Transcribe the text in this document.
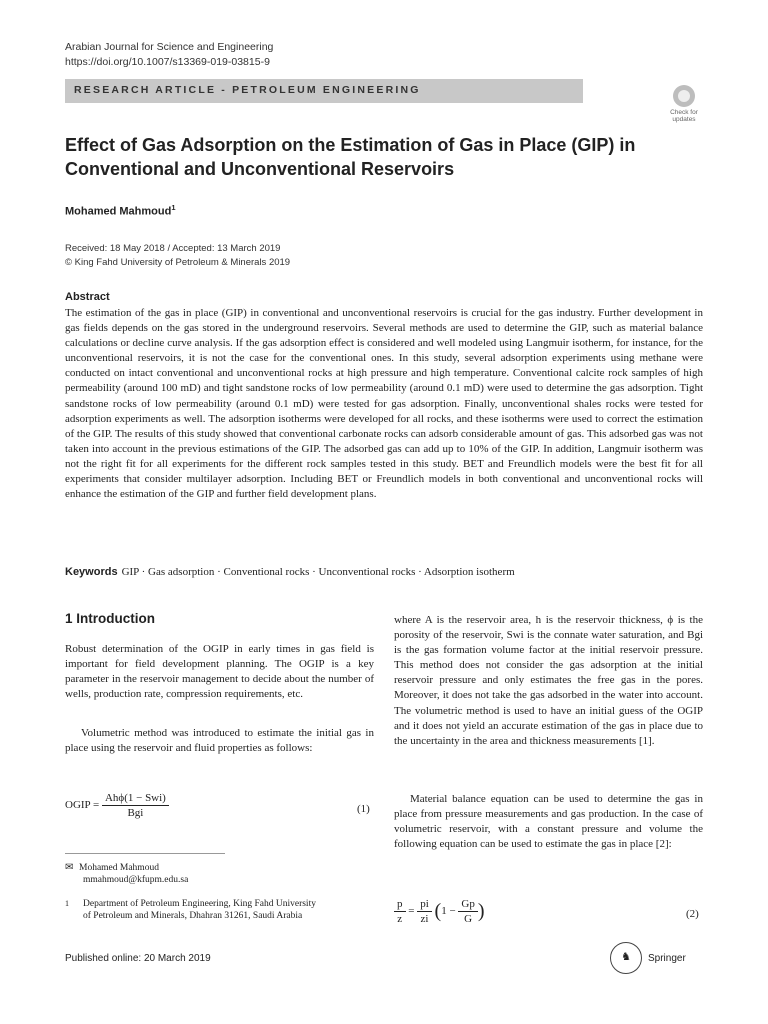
Arabian Journal for Science and Engineering
https://doi.org/10.1007/s13369-019-03815-9
RESEARCH ARTICLE - PETROLEUM ENGINEERING
Check for
updates
Effect of Gas Adsorption on the Estimation of Gas in Place (GIP) in
Conventional and Unconventional Reservoirs
Mohamed Mahmoud$^1$
Received: 18 May 2018 / Accepted: 13 March 2019
© King Fahd University of Petroleum & Minerals 2019
Abstract
The estimation of the gas in place (GIP) in conventional and unconventional reservoirs is crucial for the gas industry. Further development in gas fields depends on the gas stored in the underground reservoirs. Several methods are used to determine the GIP, such as material balance calculations or decline curve analysis. If the gas adsorption effect is considered and well modeled using Langmuir isotherm, for instance, for the unconventional reservoirs, it is not the case for the conventional ones. In this study, several adsorption experiments using methane were conducted on intact conventional and unconventional rocks at high pressure and high temperature. Conventional calcite rock samples of high permeability (around 100 mD) and tight sandstone rocks of low permeability (around 0.1 mD) were used to determine the gas adsorption. Tight sandstone rocks of low permeability (around 0.1 mD) were tested for gas adsorption. Finally, unconventional shales rocks were tested for adsorption experiments as well. The adsorption isotherms were developed for all rocks, and these isotherms were used to correct the estimation of the GIP. The results of this study showed that conventional carbonate rocks can adsorb considerable amount of gas. This adsorbed gas was not taken into account in the previous estimations of the GIP. The adsorbed gas can add up to 10% of the GIP. In addition, Langmuir isotherm was not the right fit for all experiments for the different rock samples tested in this study. BET and Freundlich models were the best fit for all experiments that consider multilayer adsorption. Including BET or Freundlich models in both conventional and unconventional rocks will enhance the estimation of the GIP and further field development plans.
Keywords GIP · Gas adsorption · Conventional rocks · Unconventional rocks · Adsorption isotherm
1 Introduction
Robust determination of the OGIP in early times in gas field is important for field development planning. The OGIP is a key parameter in the reservoir management to decide about the number of wells, production rate, compression requirements, etc.
Volumetric method was introduced to estimate the initial gas in place using the reservoir and fluid properties as follows:
OGIP = $\frac{\text{Ahϕ(1 − Swi)}}{\text{Bgi}}$	(1)
where A is the reservoir area, h is the reservoir thickness, ϕ is the porosity of the reservoir, Swi is the connate water saturation, and Bgi is the gas formation volume factor at the initial reservoir pressure. This method does not consider the gas adsorption at the initial reservoir pressure and only estimates the free gas in the pores. Moreover, it does not take the gas adsorbed in the water into account. The volumetric method is used to have an initial guess of the OGIP and it does not yield an accurate estimation of the gas in place due to the uncertainty in the area and thickness measurements [1].
Material balance equation can be used to determine the gas in place from pressure measurements and gas production. In the case of volumetric reservoir, with a constant pressure and volume the following equation can be used to estimate the gas in place [2]:
$\frac{p}{z} = \frac{pi}{zi} (1 - \frac{Gp}{G}$ )	(2)
✉ Mohamed Mahmoud
mmahmoud@kfupm.edu.sa
1 Department of Petroleum Engineering, King Fahd University
of Petroleum and Minerals, Dhahran 31261, Saudi Arabia
Published online: 20 March 2019	♞ Springer
